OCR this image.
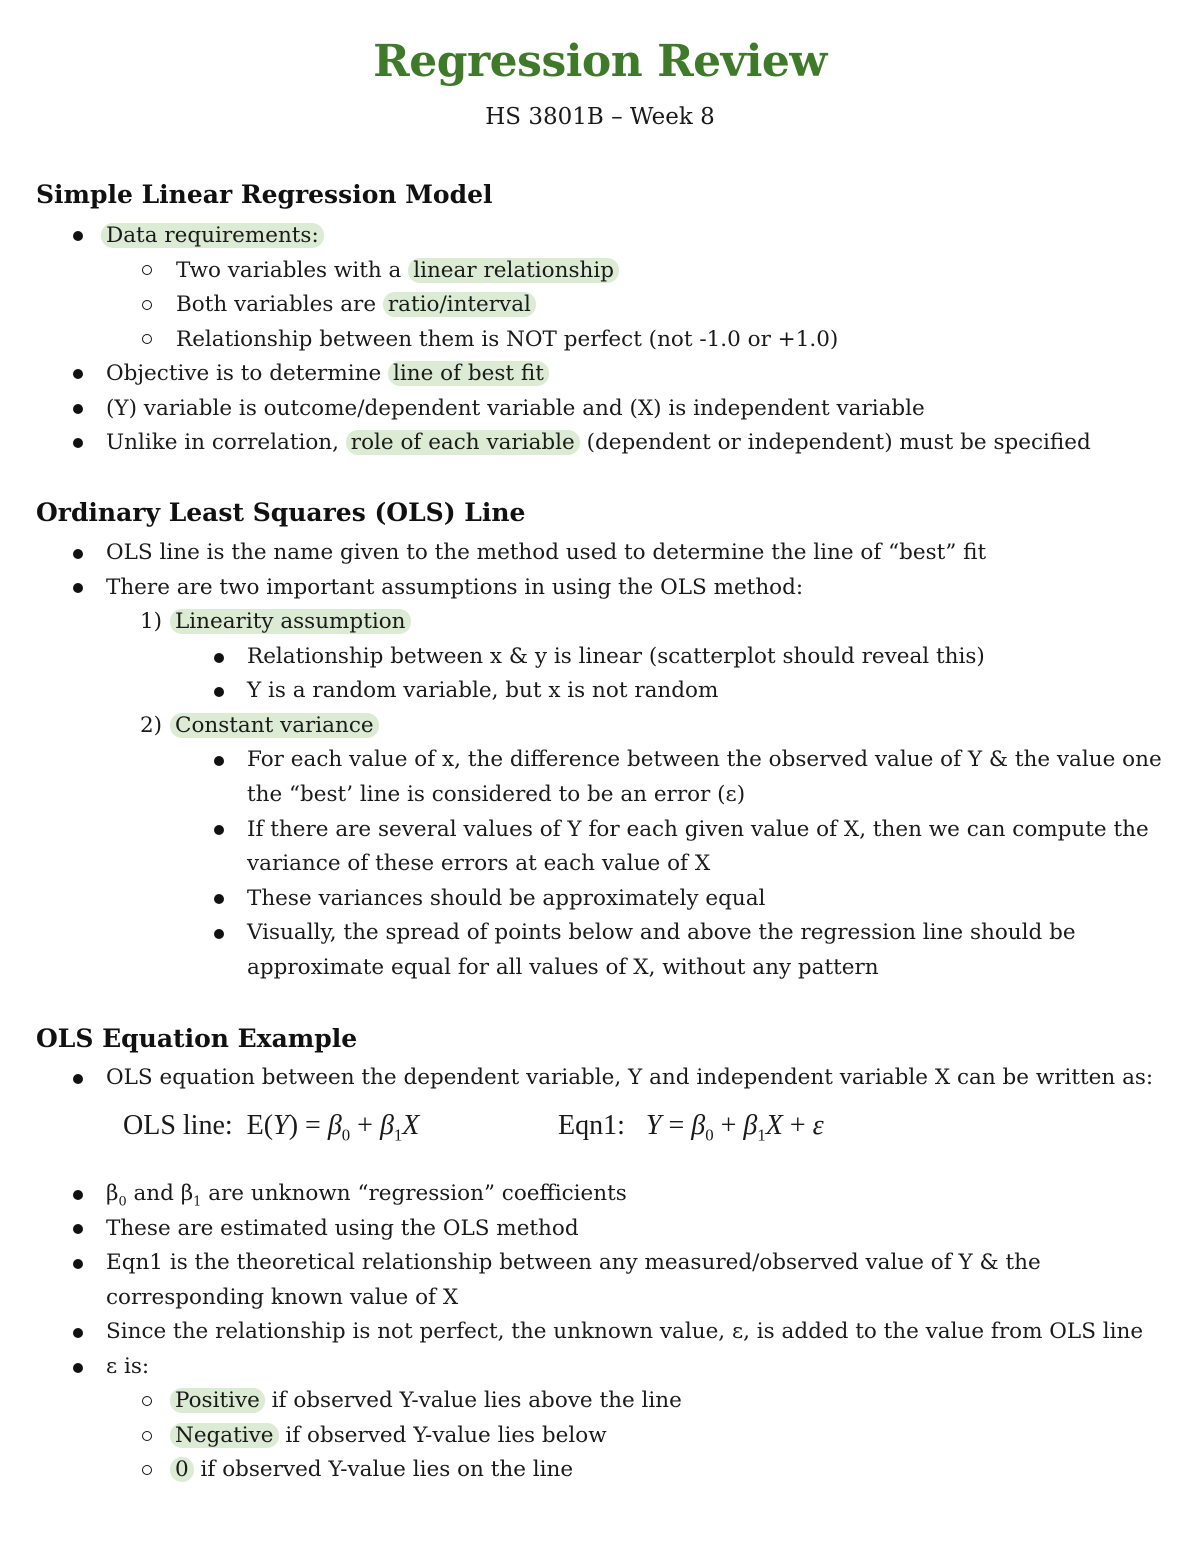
Regression Review
HS 3801B – Week 8
Simple Linear Regression Model
Data requirements:
Two variables with a linear relationship
Both variables are ratio/interval
Relationship between them is NOT perfect (not -1.0 or +1.0)
Objective is to determine line of best fit
(Y) variable is outcome/dependent variable and (X) is independent variable
Unlike in correlation, role of each variable (dependent or independent) must be specified
Ordinary Least Squares (OLS) Line
OLS line is the name given to the method used to determine the line of “best” fit
There are two important assumptions in using the OLS method:
1) Linearity assumption
Relationship between x & y is linear (scatterplot should reveal this)
Y is a random variable, but x is not random
2) Constant variance
For each value of x, the difference between the observed value of Y & the value one
the “best’ line is considered to be an error (ε)
If there are several values of Y for each given value of X, then we can compute the
variance of these errors at each value of X
These variances should be approximately equal
Visually, the spread of points below and above the regression line should be
approximate equal for all values of X, without any pattern
OLS Equation Example
OLS equation between the dependent variable, Y and independent variable X can be written as:
OLS line:  $E(Y) = \beta_0 + \beta_1X$	Eqn1: $Y = \beta_0 + \beta_1X + \varepsilon$
$\beta_0$ and $\beta_1$ are unknown “regression” coefficients
These are estimated using the OLS method
Eqn1 is the theoretical relationship between any measured/observed value of Y & the
corresponding known value of X
Since the relationship is not perfect, the unknown value, ε, is added to the value from OLS line
ε is:
Positive if observed Y-value lies above the line
Negative if observed Y-value lies below
0 if observed Y-value lies on the line
